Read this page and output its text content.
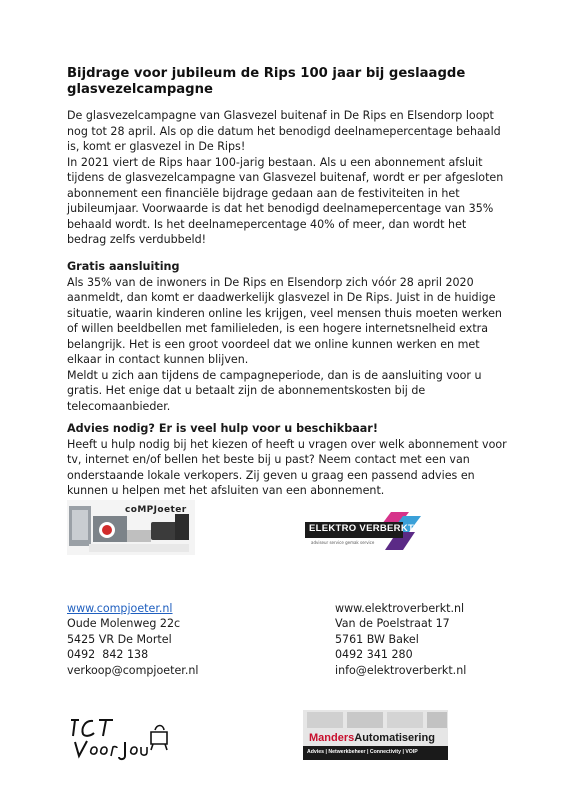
Bijdrage voor jubileum de Rips 100 jaar bij geslaagde glasvezelcampagne

De glasvezelcampagne van Glasvezel buitenaf in De Rips en Elsendorp loopt nog tot 28 april. Als op die datum het benodigd deelnamepercentage behaald is, komt er glasvezel in De Rips!

In 2021 viert de Rips haar 100-jarig bestaan. Als u een abonnement afsluit tijdens de glasvezelcampagne van Glasvezel buitenaf, wordt er per afgesloten abonnement een financiële bijdrage gedaan aan de festiviteiten in het jubileumjaar. Voorwaarde is dat het benodigd deelnamepercentage van 35% behaald wordt. Is het deelnamepercentage 40% of meer, dan wordt het bedrag zelfs verdubbeld!

Gratis aansluiting

Als 35% van de inwoners in De Rips en Elsendorp zich vóór 28 april 2020 aanmeldt, dan komt er daadwerkelijk glasvezel in De Rips. Juist in de huidige situatie, waarin kinderen online les krijgen, veel mensen thuis moeten werken of willen beeldbellen met familieleden, is een hogere internetsnelheid extra belangrijk. Het is een groot voordeel dat we online kunnen werken en met elkaar in contact kunnen blijven.

Meldt u zich aan tijdens de campagneperiode, dan is de aansluiting voor u gratis. Het enige dat u betaalt zijn de abonnementskosten bij de telecomaanbieder.

Advies nodig? Er is veel hulp voor u beschikbaar!

Heeft u hulp nodig bij het kiezen of heeft u vragen over welk abonnement voor tv, internet en/of bellen het beste bij u past? Neem contact met een van onderstaande lokale verkopers. Zij geven u graag een passend advies en kunnen u helpen met het afsluiten van een abonnement.

coMPJoeter
ELEKTRO VERBERKT
adviseur service gemak service
www.compjoeter.nl
Oude Molenweg 22c
5425 VR De Mortel
0492  842 138
verkoop@compjoeter.nl
www.elektroverberkt.nl
Van de Poelstraat 17
5761 BW Bakel
0492 341 280
info@elektroverberkt.nl
MandersAutomatisering
Advies | Netwerkbeheer | Connectivity | VOIP
